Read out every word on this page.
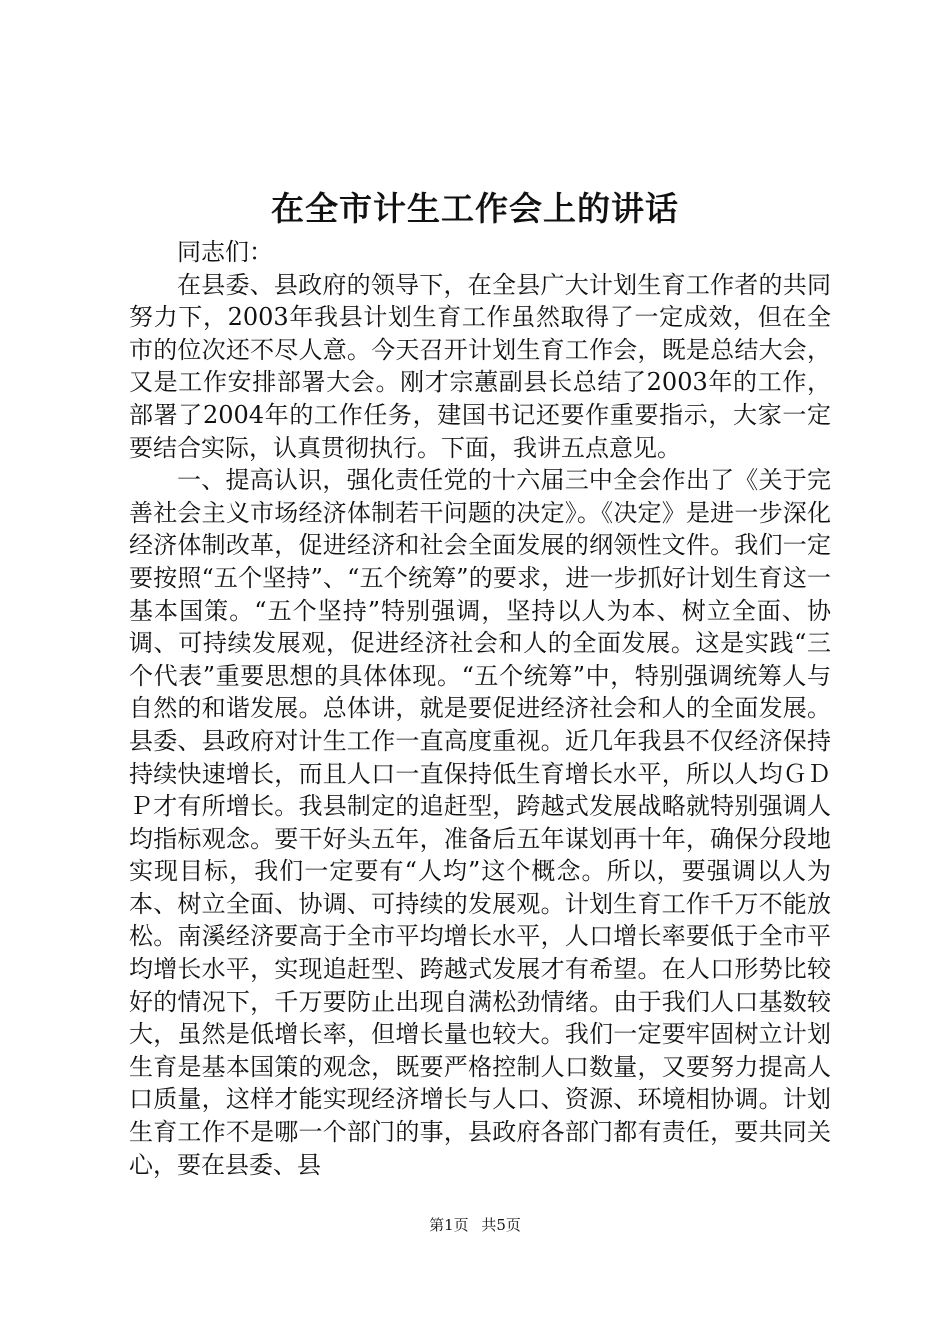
在全市计生工作会上的讲话

同志们：

在县委、县政府的领导下，在全县广大计划生育工作者的共同努力下，2003年我县计划生育工作虽然取得了一定成效，但在全市的位次还不尽人意。今天召开计划生育工作会，既是总结大会，又是工作安排部署大会。刚才宗蕙副县长总结了2003年的工作，部署了2004年的工作任务，建国书记还要作重要指示，大家一定要结合实际，认真贯彻执行。下面，我讲五点意见。

一、提高认识，强化责任党的十六届三中全会作出了《关于完善社会主义市场经济体制若干问题的决定》。《决定》是进一步深化经济体制改革，促进经济和社会全面发展的纲领性文件。我们一定要按照“五个坚持”、“五个统筹”的要求，进一步抓好计划生育这一基本国策。“五个坚持”特别强调，坚持以人为本、树立全面、协调、可持续发展观，促进经济社会和人的全面发展。这是实践“三个代表”重要思想的具体体现。“五个统筹”中，特别强调统筹人与自然的和谐发展。总体讲，就是要促进经济社会和人的全面发展。县委、县政府对计生工作一直高度重视。近几年我县不仅经济保持持续快速增长，而且人口一直保持低生育增长水平，所以人均ＧＤＰ才有所增长。我县制定的追赶型，跨越式发展战略就特别强调人均指标观念。要干好头五年，准备后五年谋划再十年，确保分段地实现目标，我们一定要有“人均”这个概念。所以，要强调以人为本、树立全面、协调、可持续的发展观。计划生育工作千万不能放松。南溪经济要高于全市平均增长水平，人口增长率要低于全市平均增长水平，实现追赶型、跨越式发展才有希望。在人口形势比较好的情况下，千万要防止出现自满松劲情绪。由于我们人口基数较大，虽然是低增长率，但增长量也较大。我们一定要牢固树立计划生育是基本国策的观念，既要严格控制人口数量，又要努力提高人口质量，这样才能实现经济增长与人口、资源、环境相协调。计划生育工作不是哪一个部门的事，县政府各部门都有责任，要共同关心，要在县委、县

第1页 共5页
